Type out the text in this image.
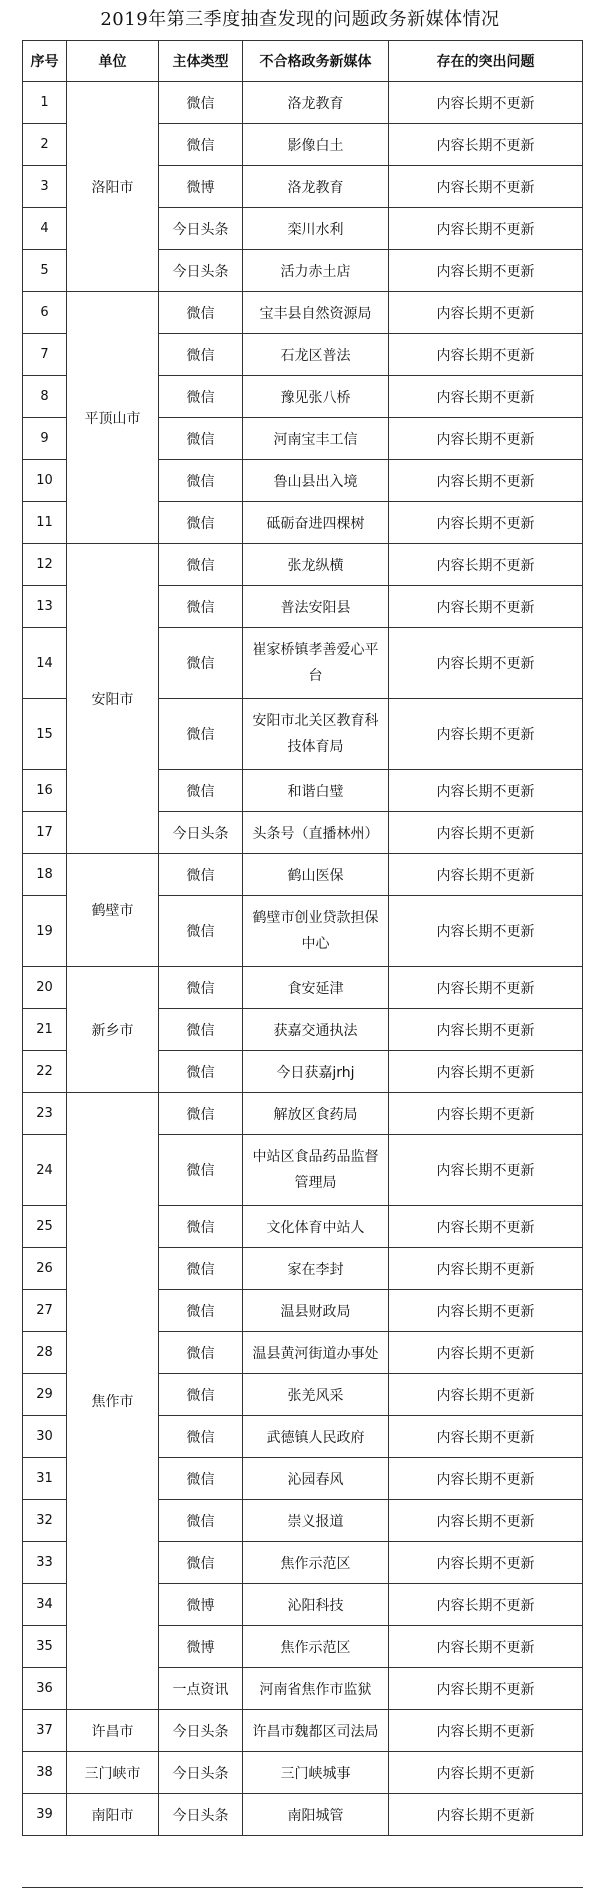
2019年第三季度抽查发现的问题政务新媒体情况
序号	单位	主体类型	不合格政务新媒体	存在的突出问题
1	洛阳市	微信	洛龙教育	内容长期不更新
2		微信	影像白土	内容长期不更新
3		微博	洛龙教育	内容长期不更新
4		今日头条	栾川水利	内容长期不更新
5		今日头条	活力赤土店	内容长期不更新
6	平顶山市	微信	宝丰县自然资源局	内容长期不更新
7		微信	石龙区普法	内容长期不更新
8		微信	豫见张八桥	内容长期不更新
9		微信	河南宝丰工信	内容长期不更新
10		微信	鲁山县出入境	内容长期不更新
11		微信	砥砺奋进四棵树	内容长期不更新
12	安阳市	微信	张龙纵横	内容长期不更新
13		微信	普法安阳县	内容长期不更新
14		微信	崔家桥镇孝善爱心平台	内容长期不更新
15		微信	安阳市北关区教育科技体育局	内容长期不更新
16		微信	和谐白璧	内容长期不更新
17		今日头条	头条号（直播林州）	内容长期不更新
18	鹤壁市	微信	鹤山医保	内容长期不更新
19		微信	鹤壁市创业贷款担保中心	内容长期不更新
20	新乡市	微信	食安延津	内容长期不更新
21		微信	获嘉交通执法	内容长期不更新
22		微信	今日获嘉jrhj	内容长期不更新
23	焦作市	微信	解放区食药局	内容长期不更新
24		微信	中站区食品药品监督管理局	内容长期不更新
25		微信	文化体育中站人	内容长期不更新
26		微信	家在李封	内容长期不更新
27		微信	温县财政局	内容长期不更新
28		微信	温县黄河街道办事处	内容长期不更新
29		微信	张羌风采	内容长期不更新
30		微信	武德镇人民政府	内容长期不更新
31		微信	沁园春风	内容长期不更新
32		微信	崇义报道	内容长期不更新
33		微信	焦作示范区	内容长期不更新
34		微博	沁阳科技	内容长期不更新
35		微博	焦作示范区	内容长期不更新
36		一点资讯	河南省焦作市监狱	内容长期不更新
37	许昌市	今日头条	许昌市魏都区司法局	内容长期不更新
38	三门峡市	今日头条	三门峡城事	内容长期不更新
39	南阳市	今日头条	南阳城管	内容长期不更新
